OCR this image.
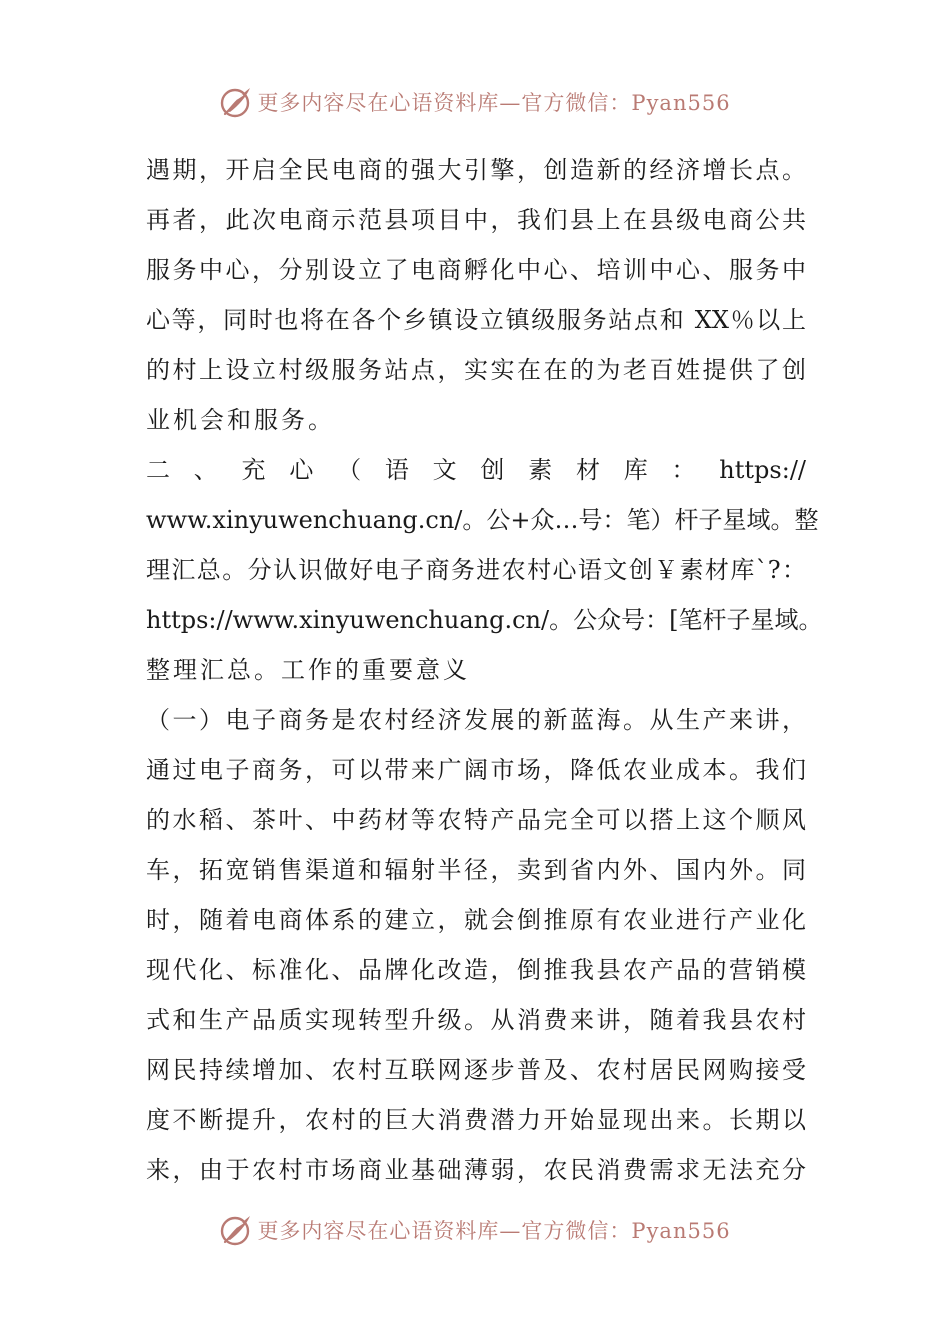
更多内容尽在心语资料库—官方微信：Pyan556
遇期，开启全民电商的强大引擎，创造新的经济增长点。
再者，此次电商示范县项目中，我们县上在县级电商公共
服务中心，分别设立了电商孵化中心、培训中心、服务中
心等，同时也将在各个乡镇设立镇级服务站点和 XX％以上
的村上设立村级服务站点，实实在在的为老百姓提供了创
业机会和服务。
二、充心（语文创素材库：https://
www.xinyuwenchuang.cn/。公+众…号：笔）杆子星域。整
理汇总。分认识做好电子商务进农村心语文创￥素材库`?：
https://www.xinyuwenchuang.cn/。公众号：[笔杆子星域。
整理汇总。工作的重要意义
（一）电子商务是农村经济发展的新蓝海。从生产来讲，
通过电子商务，可以带来广阔市场，降低农业成本。我们
的水稻、茶叶、中药材等农特产品完全可以搭上这个顺风
车，拓宽销售渠道和辐射半径，卖到省内外、国内外。同
时，随着电商体系的建立，就会倒推原有农业进行产业化
现代化、标准化、品牌化改造，倒推我县农产品的营销模
式和生产品质实现转型升级。从消费来讲，随着我县农村
网民持续增加、农村互联网逐步普及、农村居民网购接受
度不断提升，农村的巨大消费潜力开始显现出来。长期以
来，由于农村市场商业基础薄弱，农民消费需求无法充分
更多内容尽在心语资料库—官方微信：Pyan556
